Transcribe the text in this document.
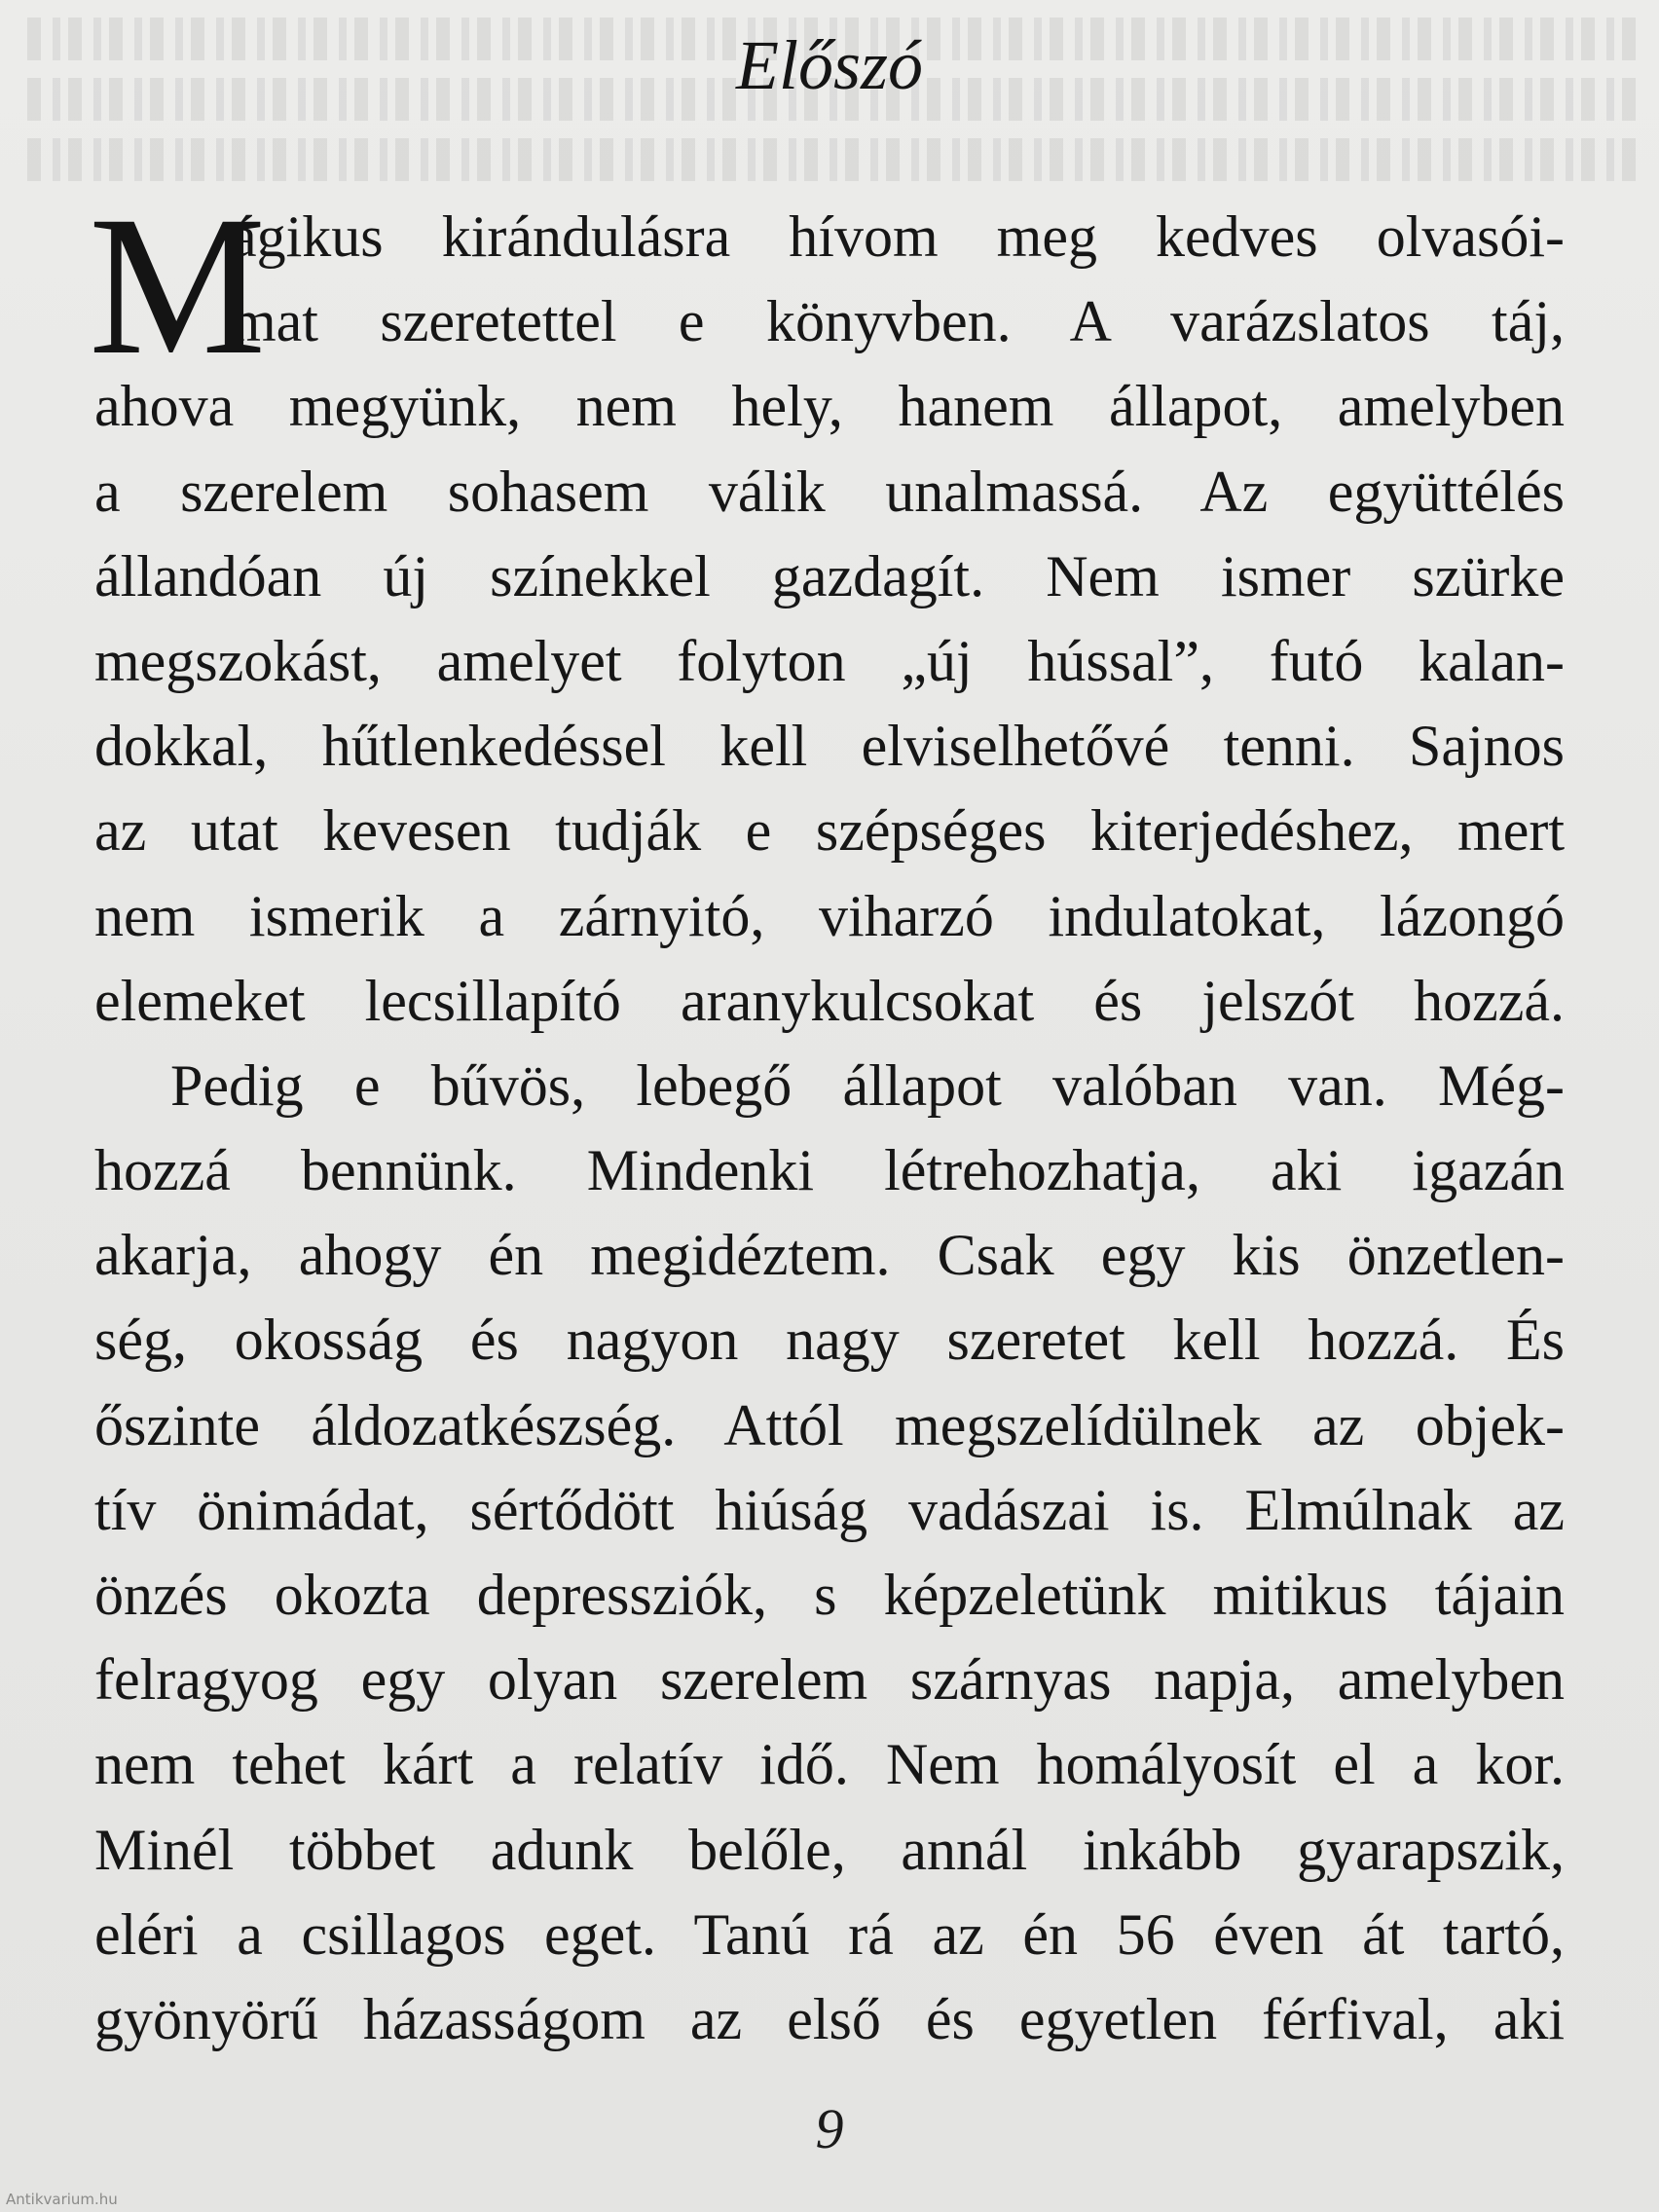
Előszó
M
ágikus kirándulásra hívom meg kedves olvasói-
mat szeretettel e könyvben. A varázslatos táj,
ahova megyünk, nem hely, hanem állapot, amelyben
a szerelem sohasem válik unalmassá. Az együttélés
állandóan új színekkel gazdagít. Nem ismer szürke
megszokást, amelyet folyton „új hússal”, futó kalan-
dokkal, hűtlenkedéssel kell elviselhetővé tenni. Sajnos
az utat kevesen tudják e szépséges kiterjedéshez, mert
nem ismerik a zárnyitó, viharzó indulatokat, lázongó
elemeket lecsillapító aranykulcsokat és jelszót hozzá.
Pedig e bűvös, lebegő állapot valóban van. Még-
hozzá bennünk. Mindenki létrehozhatja, aki igazán
akarja, ahogy én megidéztem. Csak egy kis önzetlen-
ség, okosság és nagyon nagy szeretet kell hozzá. És
őszinte áldozatkészség. Attól megszelídülnek az objek-
tív önimádat, sértődött hiúság vadászai is. Elmúlnak az
önzés okozta depressziók, s képzeletünk mitikus tájain
felragyog egy olyan szerelem szárnyas napja, amelyben
nem tehet kárt a relatív idő. Nem homályosít el a kor.
Minél többet adunk belőle, annál inkább gyarapszik,
eléri a csillagos eget. Tanú rá az én 56 éven át tartó,
gyönyörű házasságom az első és egyetlen férfival, aki
9
Antikvarium.hu
